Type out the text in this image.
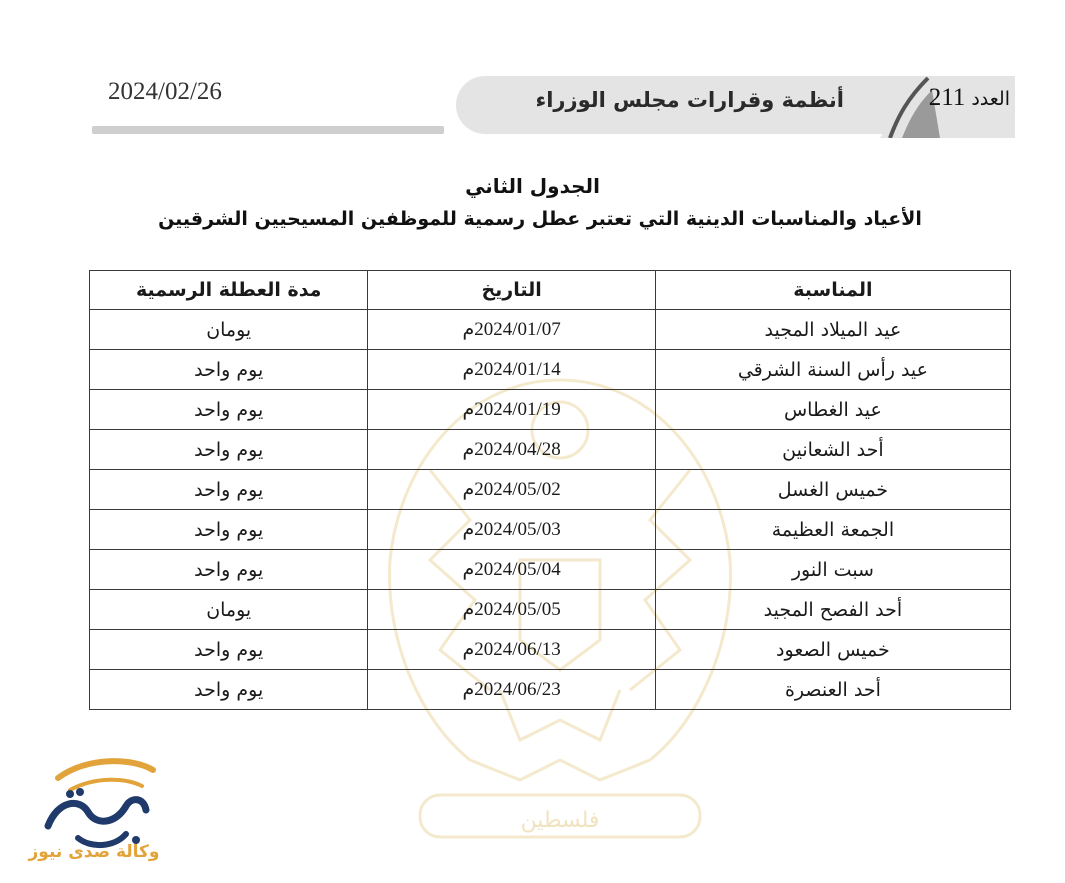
فلسطين
2024/02/26	أنظمة وقرارات مجلس الوزراء	العدد 211
الجدول الثاني
الأعياد والمناسبات الدينية التي تعتبر عطل رسمية للموظفين المسيحيين الشرقيين
المناسبة	التاريخ	مدة العطلة الرسمية
عيد الميلاد المجيد	2024/01/07م	يومان
عيد رأس السنة الشرقي	2024/01/14م	يوم واحد
عيد الغطاس	2024/01/19م	يوم واحد
أحد الشعانين	2024/04/28م	يوم واحد
خميس الغسل	2024/05/02م	يوم واحد
الجمعة العظيمة	2024/05/03م	يوم واحد
سبت النور	2024/05/04م	يوم واحد
أحد الفصح المجيد	2024/05/05م	يومان
خميس الصعود	2024/06/13م	يوم واحد
أحد العنصرة	2024/06/23م	يوم واحد
وكالة صدى نيوز
